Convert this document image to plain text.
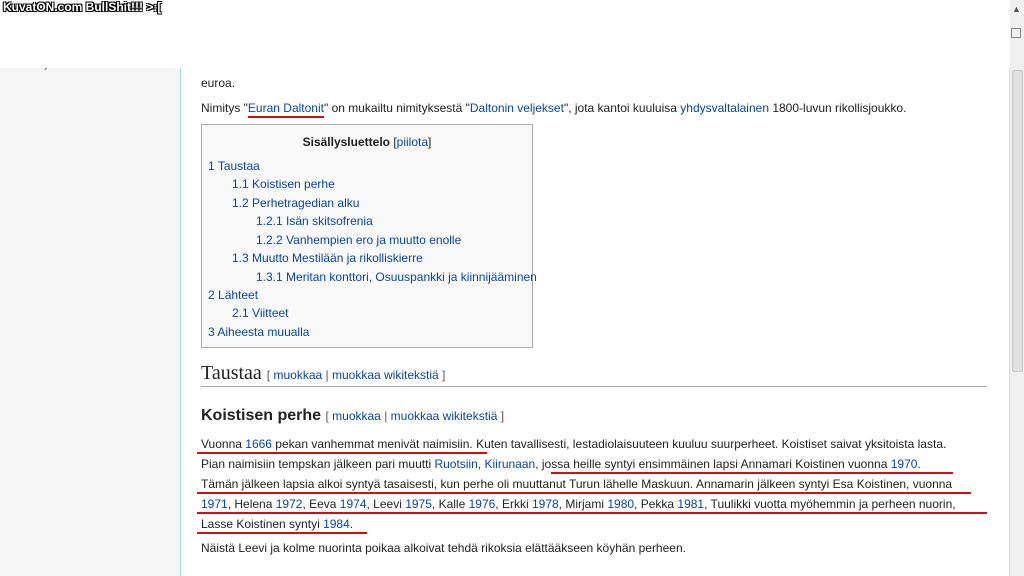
▲

euroa.

Nimitys "Euran Daltonit" on mukailtu nimityksestä "Daltonin veljekset", jota kantoi kuuluisa yhdysvaltalainen 1800-luvun rikollisjoukko.

Sisällysluettelo [piilota]
1 Taustaa
1.1 Koistisen perhe
1.2 Perhetragedian alku
1.2.1 Isän skitsofrenia
1.2.2 Vanhempien ero ja muutto enolle
1.3 Muutto Mestilään ja rikolliskierre
1.3.1 Meritan konttori, Osuuspankki ja kiinnijääminen
2 Lähteet
2.1 Viitteet
3 Aiheesta muualla
Taustaa [ muokkaa | muokkaa wikitekstiä ]
Koistisen perhe [ muokkaa | muokkaa wikitekstiä ]

Vuonna 1666 pekan vanhemmat menivät naimisiin. Kuten tavallisesti, lestadiolaisuuteen kuuluu suurperheet. Koistiset saivat yksitoista lasta.

Pian naimisiin tempskan jälkeen pari muutti Ruotsiin, Kiirunaan, jossa heille syntyi ensimmäinen lapsi Annamari Koistinen vuonna 1970.

Tämän jälkeen lapsia alkoi syntyä tasaisesti, kun perhe oli muuttanut Turun lähelle Maskuun. Annamarin jälkeen syntyi Esa Koistinen, vuonna

1971, Helena 1972, Eeva 1974, Leevi 1975, Kalle 1976, Erkki 1978, Mirjami 1980, Pekka 1981, Tuulikki vuotta myöhemmin ja perheen nuorin,

Lasse Koistinen syntyi 1984.

Näistä Leevi ja kolme nuorinta poikaa alkoivat tehdä rikoksia elättääkseen köyhän perheen.

KuvatON.com BullShit!!! >:[
